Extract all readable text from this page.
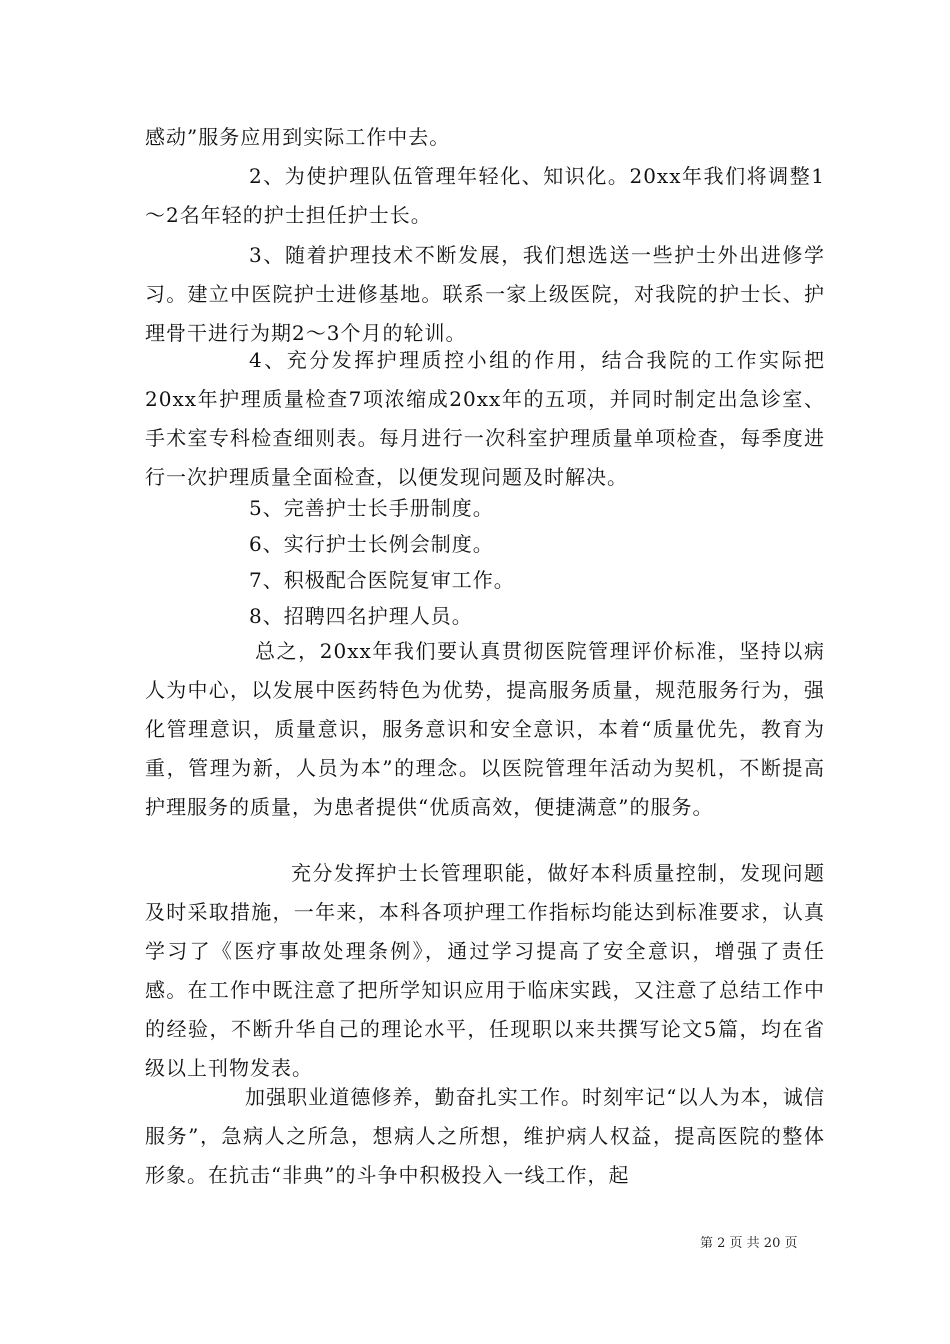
感动”服务应用到实际工作中去。

2、为使护理队伍管理年轻化、知识化。20xx年我们将调整1～2名年轻的护士担任护士长。

3、随着护理技术不断发展，我们想选送一些护士外出进修学习。建立中医院护士进修基地。联系一家上级医院，对我院的护士长、护理骨干进行为期2～3个月的轮训。

4、充分发挥护理质控小组的作用，结合我院的工作实际把20xx年护理质量检查7项浓缩成20xx年的五项，并同时制定出急诊室、手术室专科检查细则表。每月进行一次科室护理质量单项检查，每季度进行一次护理质量全面检查，以便发现问题及时解决。

5、完善护士长手册制度。

6、实行护士长例会制度。

7、积极配合医院复审工作。

8、招聘四名护理人员。

总之，20xx年我们要认真贯彻医院管理评价标准，坚持以病人为中心，以发展中医药特色为优势，提高服务质量，规范服务行为，强化管理意识，质量意识，服务意识和安全意识，本着“质量优先，教育为重，管理为新，人员为本”的理念。以医院管理年活动为契机，不断提高护理服务的质量，为患者提供“优质高效，便捷满意”的服务。

充分发挥护士长管理职能，做好本科质量控制，发现问题及时采取措施，一年来，本科各项护理工作指标均能达到标准要求，认真学习了《医疗事故处理条例》，通过学习提高了安全意识，增强了责任感。在工作中既注意了把所学知识应用于临床实践，又注意了总结工作中的经验，不断升华自己的理论水平，任现职以来共撰写论文5篇，均在省级以上刊物发表。

加强职业道德修养，勤奋扎实工作。时刻牢记“以人为本，诚信服务”，急病人之所急，想病人之所想，维护病人权益，提高医院的整体形象。在抗击“非典”的斗争中积极投入一线工作，起

第 2 页 共 20 页
